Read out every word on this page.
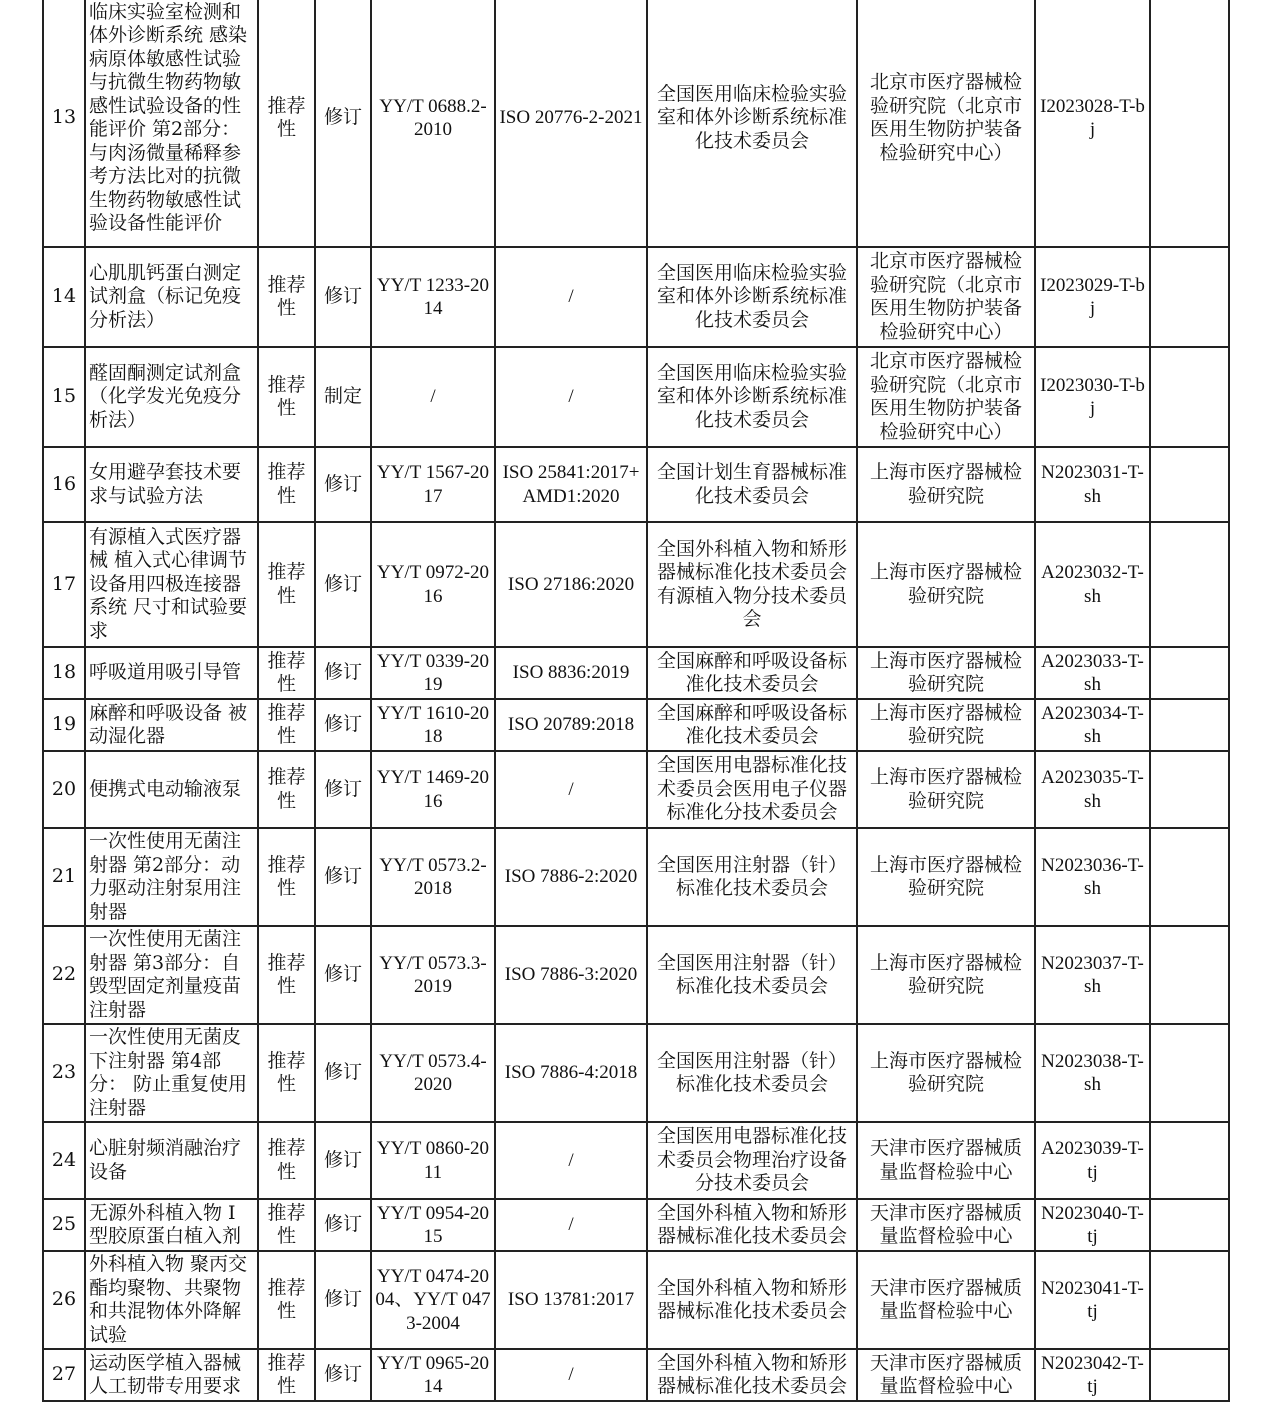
13	临床实验室检测和体外诊断系统 感染病原体敏感性试验与抗微生物药物敏感性试验设备的性能评价 第2部分：与肉汤微量稀释参考方法比对的抗微生物药物敏感性试验设备性能评价	推荐性	修订	YY/T 0688.2-2010	ISO 20776-2-2021	全国医用临床检验实验室和体外诊断系统标准化技术委员会	北京市医疗器械检验研究院（北京市医用生物防护装备检验研究中心）	I2023028-T-bj	
14	心肌肌钙蛋白测定试剂盒（标记免疫分析法）	推荐性	修订	YY/T 1233-2014	/	全国医用临床检验实验室和体外诊断系统标准化技术委员会	北京市医疗器械检验研究院（北京市医用生物防护装备检验研究中心）	I2023029-T-bj	
15	醛固酮测定试剂盒（化学发光免疫分析法）	推荐性	制定	/	/	全国医用临床检验实验室和体外诊断系统标准化技术委员会	北京市医疗器械检验研究院（北京市医用生物防护装备检验研究中心）	I2023030-T-bj	
16	女用避孕套技术要求与试验方法	推荐性	修订	YY/T 1567-2017	ISO 25841:2017+AMD1:2020	全国计划生育器械标准化技术委员会	上海市医疗器械检验研究院	N2023031-T-sh	
17	有源植入式医疗器械 植入式心律调节设备用四极连接器系统 尺寸和试验要求	推荐性	修订	YY/T 0972-2016	ISO 27186:2020	全国外科植入物和矫形器械标准化技术委员会有源植入物分技术委员会	上海市医疗器械检验研究院	A2023032-T-sh	
18	呼吸道用吸引导管	推荐性	修订	YY/T 0339-2019	ISO 8836:2019	全国麻醉和呼吸设备标准化技术委员会	上海市医疗器械检验研究院	A2023033-T-sh	
19	麻醉和呼吸设备 被动湿化器	推荐性	修订	YY/T 1610-2018	ISO 20789:2018	全国麻醉和呼吸设备标准化技术委员会	上海市医疗器械检验研究院	A2023034-T-sh	
20	便携式电动输液泵	推荐性	修订	YY/T 1469-2016	/	全国医用电器标准化技术委员会医用电子仪器标准化分技术委员会	上海市医疗器械检验研究院	A2023035-T-sh	
21	一次性使用无菌注射器 第2部分：动力驱动注射泵用注射器	推荐性	修订	YY/T 0573.2-2018	ISO 7886-2:2020	全国医用注射器（针）标准化技术委员会	上海市医疗器械检验研究院	N2023036-T-sh	
22	一次性使用无菌注射器 第3部分：自毁型固定剂量疫苗注射器	推荐性	修订	YY/T 0573.3-2019	ISO 7886-3:2020	全国医用注射器（针）标准化技术委员会	上海市医疗器械检验研究院	N2023037-T-sh	
23	一次性使用无菌皮下注射器 第4部分： 防止重复使用注射器	推荐性	修订	YY/T 0573.4-2020	ISO 7886-4:2018	全国医用注射器（针）标准化技术委员会	上海市医疗器械检验研究院	N2023038-T-sh	
24	心脏射频消融治疗设备	推荐性	修订	YY/T 0860-2011	/	全国医用电器标准化技术委员会物理治疗设备分技术委员会	天津市医疗器械质量监督检验中心	A2023039-T-tj	
25	无源外科植入物 I型胶原蛋白植入剂	推荐性	修订	YY/T 0954-2015	/	全国外科植入物和矫形器械标准化技术委员会	天津市医疗器械质量监督检验中心	N2023040-T-tj	
26	外科植入物 聚丙交酯均聚物、共聚物和共混物体外降解试验	推荐性	修订	YY/T 0474-2004、YY/T 0473-2004	ISO 13781:2017	全国外科植入物和矫形器械标准化技术委员会	天津市医疗器械质量监督检验中心	N2023041-T-tj	
27	运动医学植入器械 人工韧带专用要求	推荐性	修订	YY/T 0965-2014	/	全国外科植入物和矫形器械标准化技术委员会	天津市医疗器械质量监督检验中心	N2023042-T-tj	
